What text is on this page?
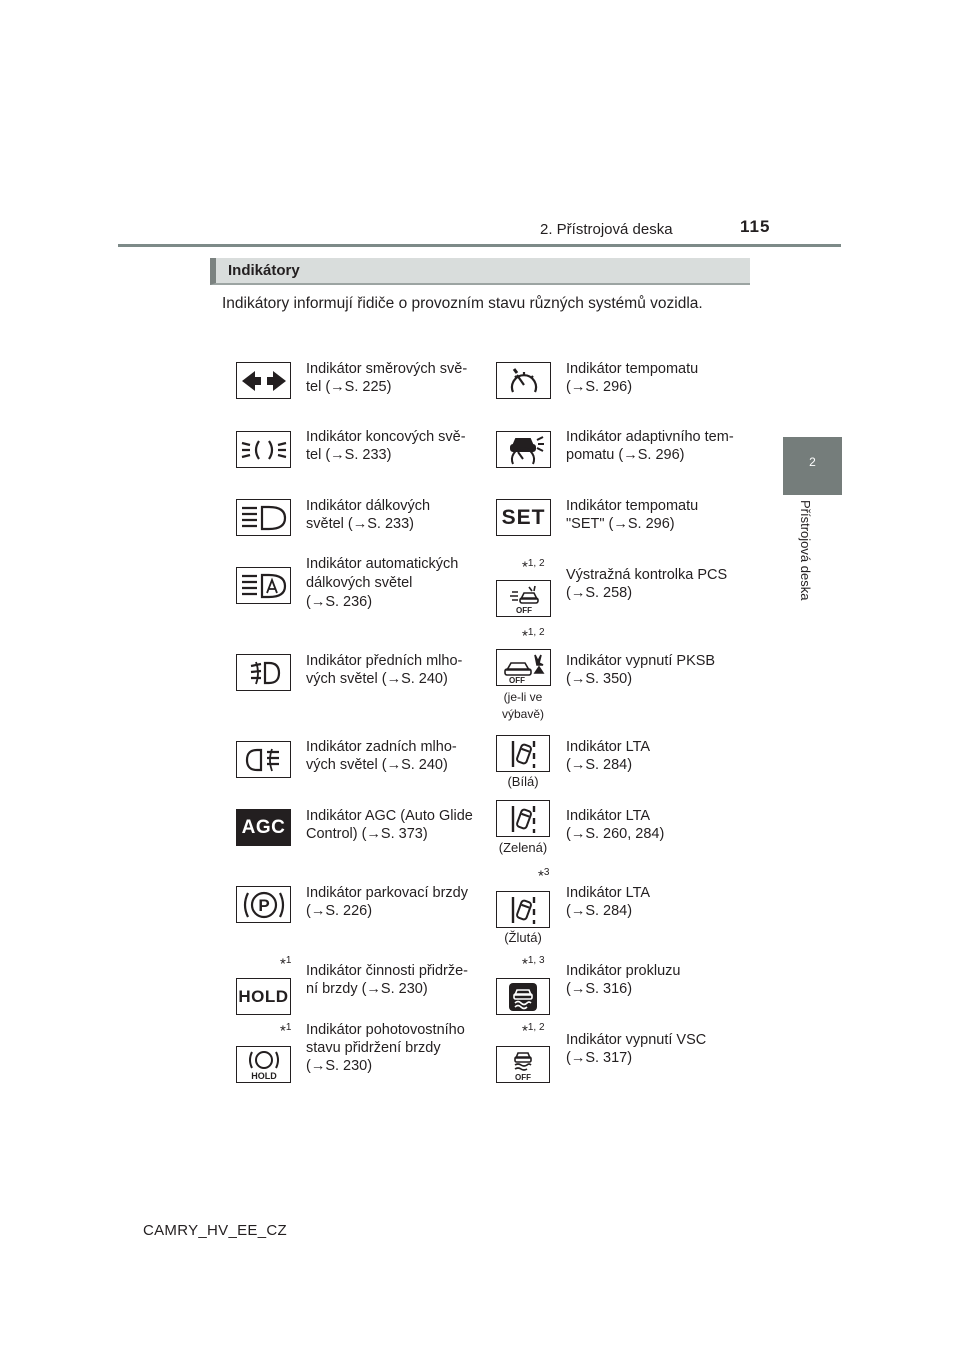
2. Přístrojová deska	115
2
Přístrojová deska
Indikátory
Indikátory informují řidiče o provozním stavu různých systémů vozidla.
Indikátor směrových svě-
tel (→S. 225)
Indikátor koncových svě-
tel (→S. 233)
Indikátor dálkových
světel (→S. 233)
Indikátor automatických
dálkových světel
(→S. 236)
Indikátor předních mlho-
vých světel (→S. 240)
Indikátor zadních mlho-
vých světel (→S. 240)
AGC
Indikátor AGC (Auto Glide
Control) (→S. 373)
P
Indikátor parkovací brzdy
(→S. 226)
*$^1$
HOLD
Indikátor činnosti přidrže-
ní brzdy (→S. 230)
*$^1$
HOLD
Indikátor pohotovostního
stavu přidržení brzdy
(→S. 230)
Indikátor tempomatu
(→S. 296)
Indikátor adaptivního tem-
pomatu (→S. 296)
SET Indikátor tempomatu
"SET" (→S. 296)
*$^{1, 2}$
OFF
Výstražná kontrolka PCS
(→S. 258)
*$^{1, 2}$
OFF
(je-li ve
výbavě)
Indikátor vypnutí PKSB
(→S. 350)
(Bílá)
Indikátor LTA
(→S. 284)
(Zelená)
Indikátor LTA
(→S. 260, 284)
*$^3$
(Žlutá)
Indikátor LTA
(→S. 284)
*$^{1, 3}$
Indikátor prokluzu
(→S. 316)
*$^{1, 2}$
OFF
Indikátor vypnutí VSC
(→S. 317)
CAMRY_HV_EE_CZ
